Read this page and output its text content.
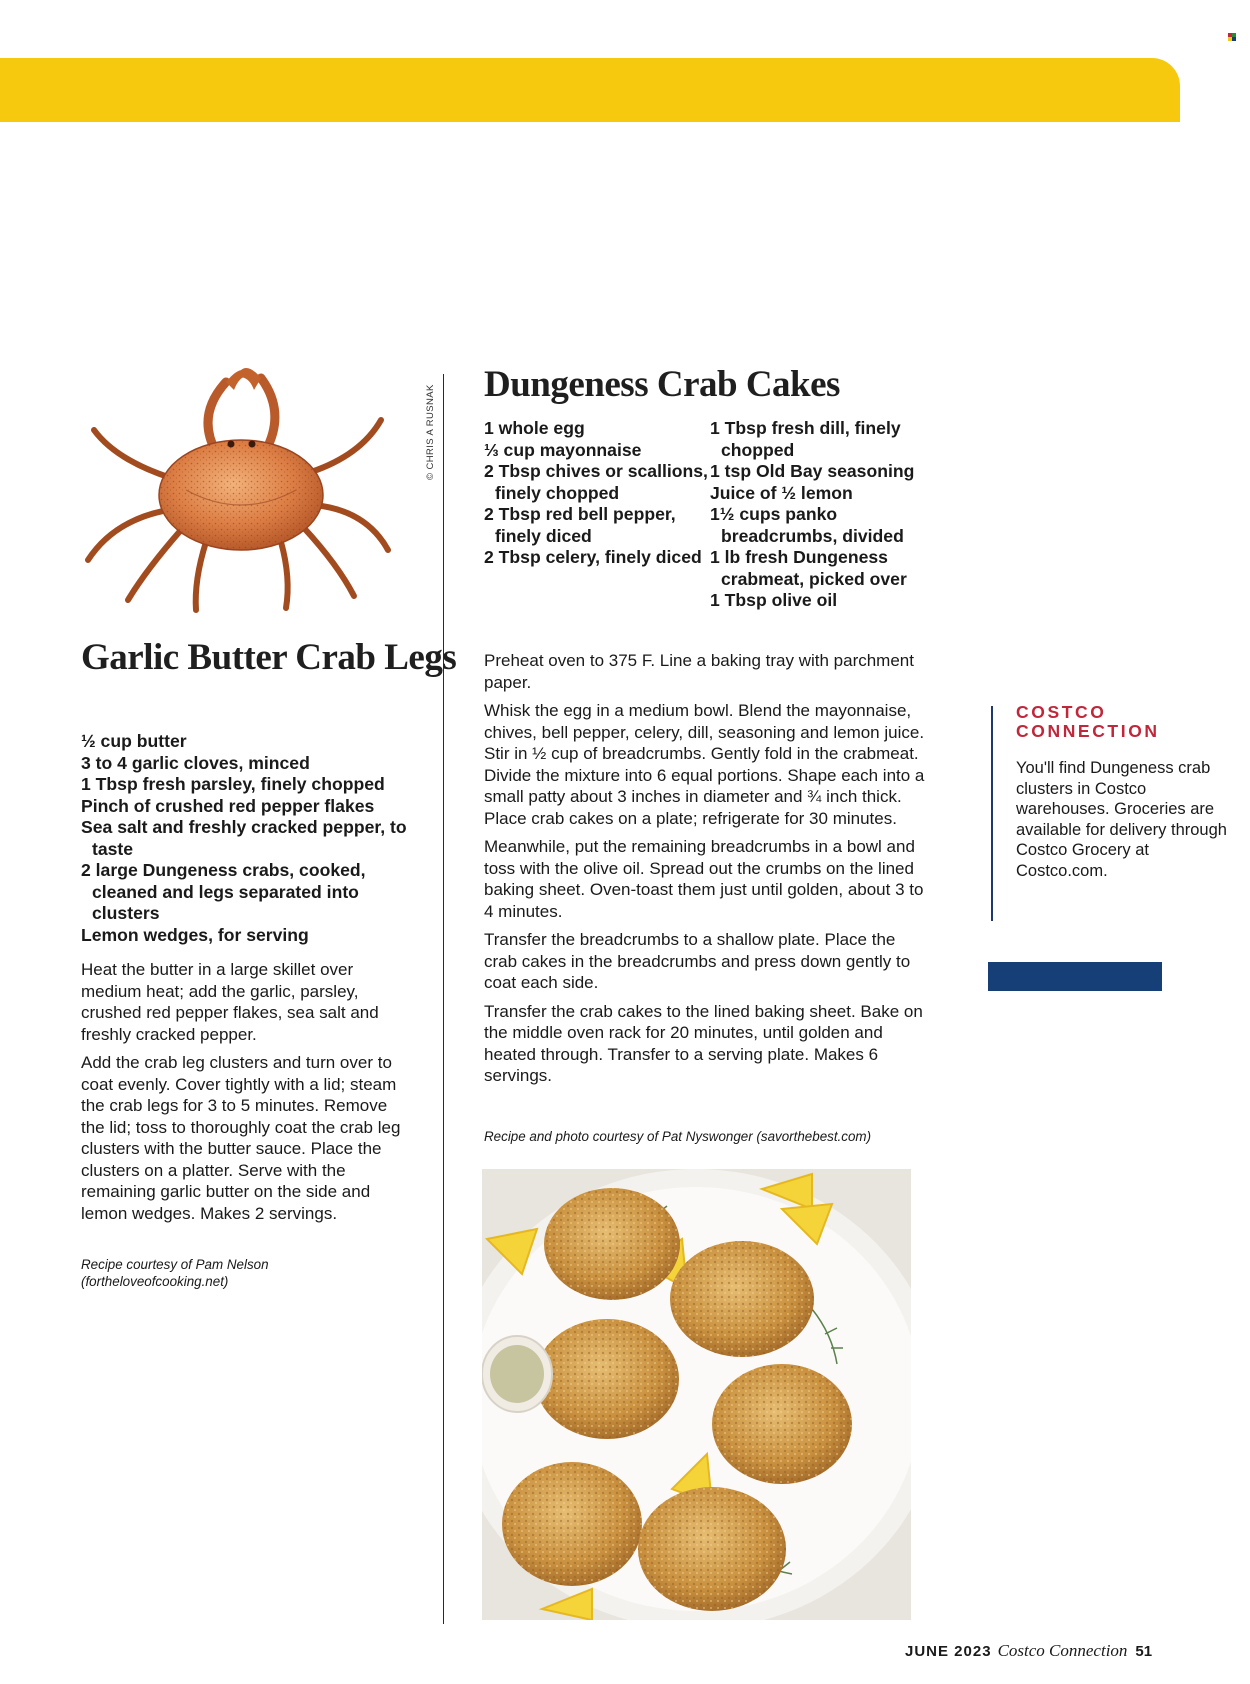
© CHRIS A RUSNAK
Garlic Butter Crab Legs
½ cup butter
3 to 4 garlic cloves, minced
1 Tbsp fresh parsley, finely chopped
Pinch of crushed red pepper flakes
Sea salt and freshly cracked pepper, to taste
2 large Dungeness crabs, cooked, cleaned and legs separated into clusters
Lemon wedges, for serving

Heat the butter in a large skillet over medium heat; add the garlic, parsley, crushed red pepper flakes, sea salt and freshly cracked pepper.

Add the crab leg clusters and turn over to coat evenly. Cover tightly with a lid; steam the crab legs for 3 to 5 minutes. Remove the lid; toss to thoroughly coat the crab leg clusters with the butter sauce. Place the clusters on a platter. Serve with the remaining garlic butter on the side and lemon wedges. Makes 2 servings.

Recipe courtesy of Pam Nelson
(fortheloveofcooking.net)
Dungeness Crab Cakes
1 whole egg
⅓ cup mayonnaise
2 Tbsp chives or scallions, finely chopped
2 Tbsp red bell pepper, finely diced
2 Tbsp celery, finely diced
1 Tbsp fresh dill, finely chopped
1 tsp Old Bay seasoning
Juice of ½ lemon
1½ cups panko breadcrumbs, divided
1 lb fresh Dungeness crabmeat, picked over
1 Tbsp olive oil

Preheat oven to 375 F. Line a baking tray with parchment paper.

Whisk the egg in a medium bowl. Blend the mayonnaise, chives, bell pepper, celery, dill, seasoning and lemon juice. Stir in ½ cup of breadcrumbs. Gently fold in the crabmeat. Divide the mixture into 6 equal portions. Shape each into a small patty about 3 inches in diameter and ¾ inch thick. Place crab cakes on a plate; refrigerate for 30 minutes.

Meanwhile, put the remaining breadcrumbs in a bowl and toss with the olive oil. Spread out the crumbs on the lined baking sheet. Oven-toast them just until golden, about 3 to 4 minutes.

Transfer the breadcrumbs to a shallow plate. Place the crab cakes in the breadcrumbs and press down gently to coat each side.

Transfer the crab cakes to the lined baking sheet. Bake on the middle oven rack for 20 minutes, until golden and heated through. Transfer to a serving plate. Makes 6 servings.

Recipe and photo courtesy of Pat Nyswonger (savorthebest.com)
COSTCO CONNECTION
You'll find Dungeness crab clusters in Costco warehouses. Groceries are available for delivery through Costco Grocery at Costco.com.
JUNE 2023 Costco Connection 51
